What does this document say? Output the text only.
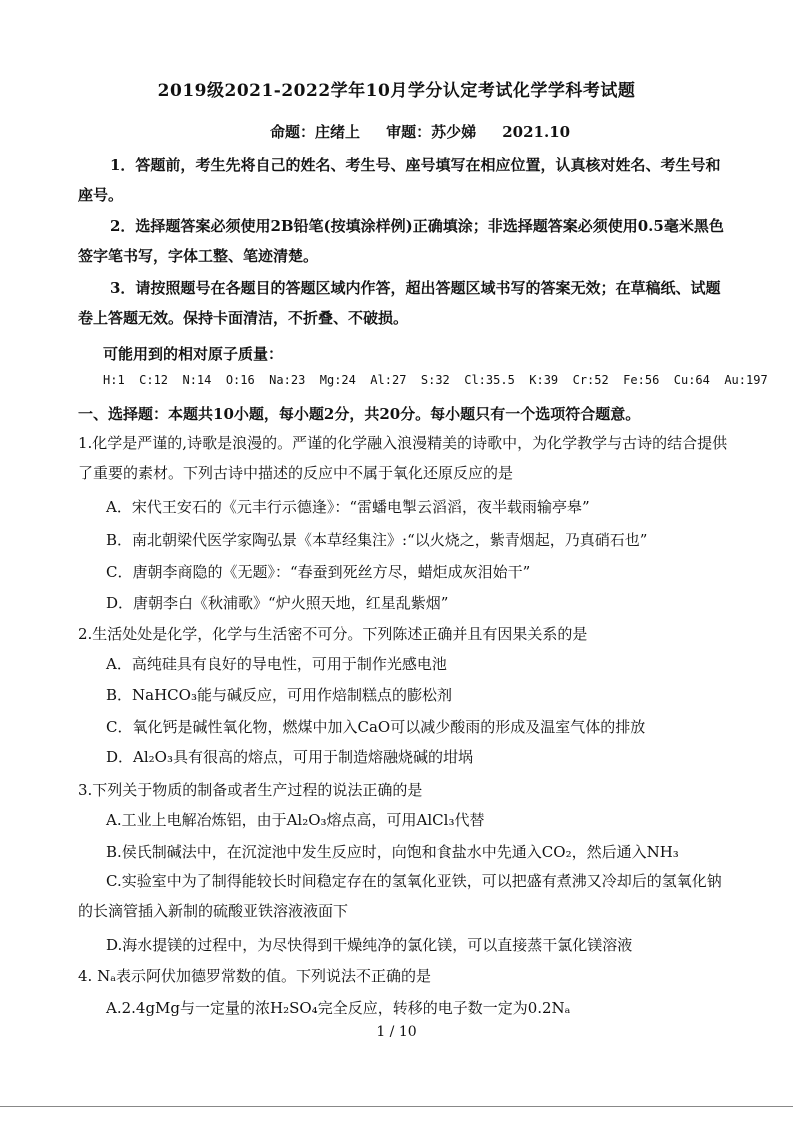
2019级2021-2022学年10月学分认定考试化学学科考试题
命题：庄绪上     审题：苏少娣     2021.10
1．答题前，考生先将自己的姓名、考生号、座号填写在相应位置，认真核对姓名、考生号和座号。
2．选择题答案必须使用2B铅笔(按填涂样例)正确填涂；非选择题答案必须使用0.5毫米黑色签字笔书写，字体工整、笔迹清楚。
3．请按照题号在各题目的答题区域内作答，超出答题区域书写的答案无效；在草稿纸、试题卷上答题无效。保持卡面清洁，不折叠、不破损。
可能用到的相对原子质量：
H:1  C:12  N:14  O:16  Na:23  Mg:24  Al:27  S:32  Cl:35.5  K:39  Cr:52  Fe:56  Cu:64  Au:197
一、选择题：本题共10小题，每小题2分，共20分。每小题只有一个选项符合题意。
1.化学是严谨的,诗歌是浪漫的。严谨的化学融入浪漫精美的诗歌中，为化学教学与古诗的结合提供了重要的素材。下列古诗中描述的反应中不属于氧化还原反应的是
A．宋代王安石的《元丰行示德逢》：“雷蟠电掣云滔滔，夜半载雨输亭皋”
B．南北朝梁代医学家陶弘景《本草经集注》:“以火烧之，紫青烟起，乃真硝石也”
C．唐朝李商隐的《无题》：“春蚕到死丝方尽，蜡炬成灰泪始干”
D．唐朝李白《秋浦歌》“炉火照天地，红星乱紫烟”
2.生活处处是化学，化学与生活密不可分。下列陈述正确并且有因果关系的是
A．高纯硅具有良好的导电性，可用于制作光感电池
B．NaHCO₃能与碱反应，可用作焙制糕点的膨松剂
C．氧化钙是碱性氧化物，燃煤中加入CaO可以减少酸雨的形成及温室气体的排放
D．Al₂O₃具有很高的熔点，可用于制造熔融烧碱的坩埚
3.下列关于物质的制备或者生产过程的说法正确的是
A.工业上电解冶炼铝，由于Al₂O₃熔点高，可用AlCl₃代替
B.侯氏制碱法中，在沉淀池中发生反应时，向饱和食盐水中先通入CO₂，然后通入NH₃
C.实验室中为了制得能较长时间稳定存在的氢氧化亚铁，可以把盛有煮沸又冷却后的氢氧化钠的长滴管插入新制的硫酸亚铁溶液液面下
D.海水提镁的过程中，为尽快得到干燥纯净的氯化镁，可以直接蒸干氯化镁溶液
4. Nₐ表示阿伏加德罗常数的值。下列说法不正确的是
A.2.4gMg与一定量的浓H₂SO₄完全反应，转移的电子数一定为0.2Nₐ
1 / 10
